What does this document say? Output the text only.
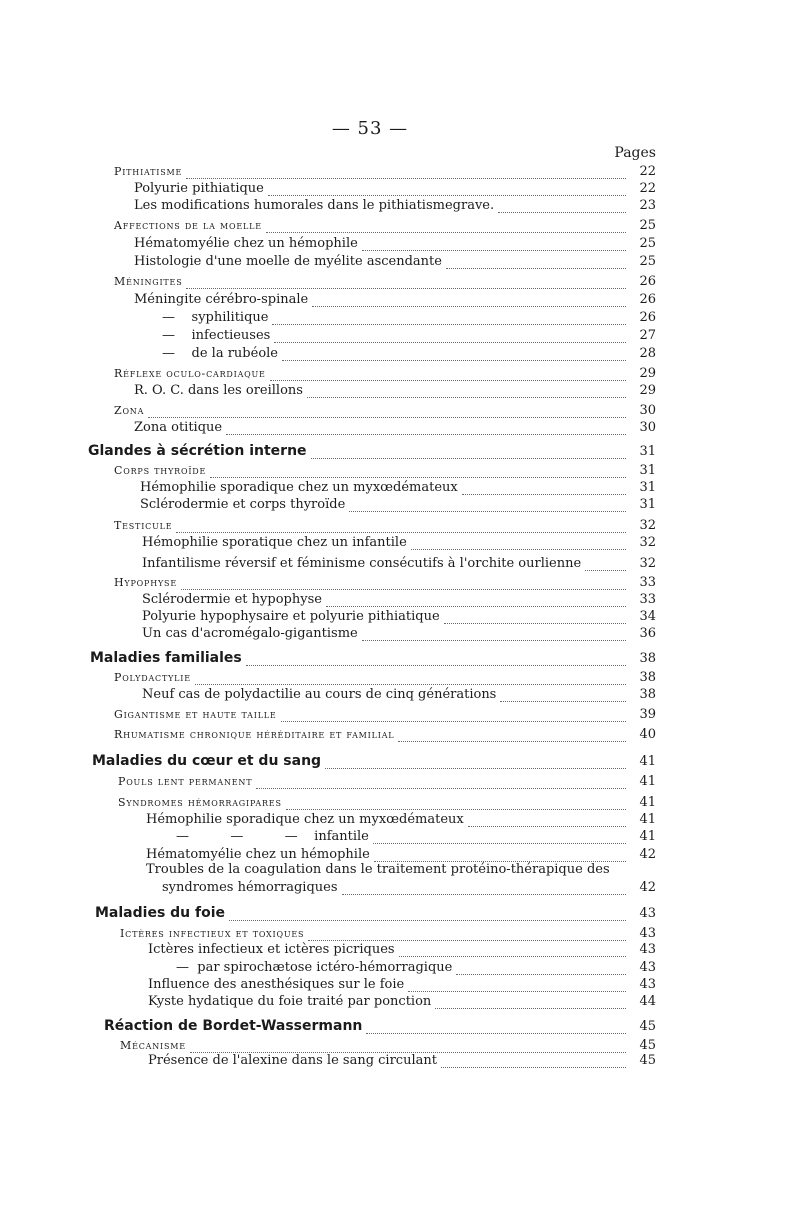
— 53 —
Pages
Pithiatisme	22
Polyurie pithiatique	22
Les modifications humorales dans le pithiatismegrave.	23
Affections de la moelle	25
Hématomyélie chez un hémophile	25
Histologie d'une moelle de myélite ascendante	25
Méningites	26
Méningite cérébro-spinale	26
—    syphilitique	26
—    infectieuses	27
—    de la rubéole	28
Réflexe oculo-cardiaque	29
R. O. C. dans les oreillons	29
Zona	30
Zona otitique	30
Glandes à sécrétion interne	31
Corps thyroïde	31
Hémophilie sporadique chez un myxœdémateux	31
Sclérodermie et corps thyroïde	31
Testicule	32
Hémophilie sporatique chez un infantile	32
Infantilisme réversif et féminisme consécutifs à l'orchite ourlienne	32
Hypophyse	33
Sclérodermie et hypophyse	33
Polyurie hypophysaire et polyurie pithiatique	34
Un cas d'acromégalo-gigantisme	36
Maladies familiales	38
Polydactylie	38
Neuf cas de polydactilie au cours de cinq générations	38
Gigantisme et haute taille	39
Rhumatisme chronique héréditaire et familial	40
Maladies du cœur et du sang	41
Pouls lent permanent	41
Syndromes hémorragipares	41
Hémophilie sporadique chez un myxœdémateux	41
—          —          —    infantile	41
Hématomyélie chez un hémophile	42
Troubles de la coagulation dans le traitement protéino-thérapique des
syndromes hémorragiques	42
Maladies du foie	43
Ictères infectieux et toxiques	43
Ictères infectieux et ictères picriques	43
—  par spirochætose ictéro-hémorragique	43
Influence des anesthésiques sur le foie	43
Kyste hydatique du foie traité par ponction	44
Réaction de Bordet-Wassermann	45
Mécanisme	45
Présence de l'alexine dans le sang circulant	45
